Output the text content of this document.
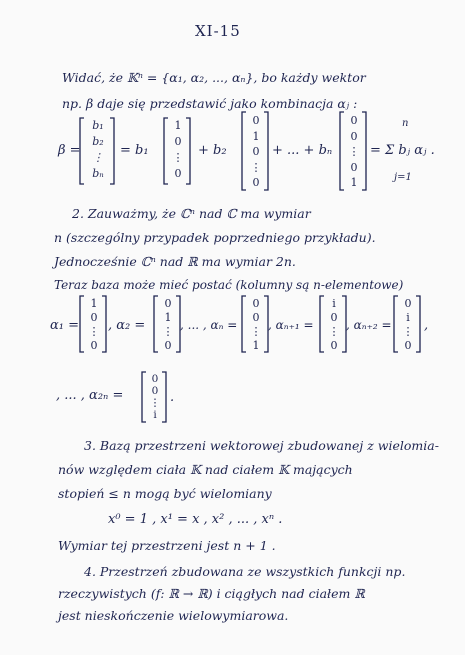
XI-15
Widać, że 𝕂ⁿ = {α₁, α₂, ..., αₙ}, bo każdy wektor
np. β daje się przedstawić jako kombinacja αⱼ :
β =
b₁
b₂
⋮
bₙ
= b₁
1
0
⋮
0
+ b₂
0
1
0
⋮
0
+ ... + bₙ
0
0
⋮
0
1
n
j=1
= Σ bⱼ αⱼ .
2. Zauważmy, że ℂⁿ nad ℂ ma wymiar
n (szczególny przypadek poprzedniego przykładu).
Jednocześnie ℂⁿ nad ℝ ma wymiar 2n.
Teraz baza może mieć postać (kolumny są n-elementowe)
α₁ =
1
0
⋮
0
, α₂ =
0
1
⋮
0
, ... , αₙ =
0
0
⋮
1
, αₙ₊₁ =
i
0
⋮
0
, αₙ₊₂ =
0
i
⋮
0
,
, ... , α₂ₙ =
0
0
⋮
i
.
3. Bazą przestrzeni wektorowej zbudowanej z wielomia-
nów względem ciała 𝕂 nad ciałem 𝕂 mających
stopień ≤ n mogą być wielomiany
x⁰ = 1 , x¹ = x , x² , ... , xⁿ .
Wymiar tej przestrzeni jest n + 1 .
4. Przestrzeń zbudowana ze wszystkich funkcji np.
rzeczywistych (f: ℝ → ℝ) i ciągłych nad ciałem ℝ
jest nieskończenie wielowymiarowa.
